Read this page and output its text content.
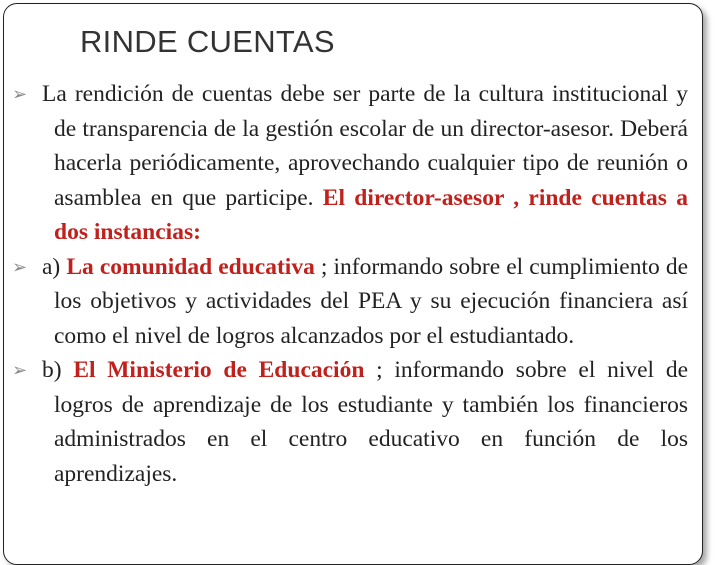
RINDE CUENTAS

➢ La rendición de cuentas debe ser parte de la cultura institucional y de transparencia de la gestión escolar de un director-asesor. Deberá hacerla periódicamente, aprovechando cualquier tipo de reunión o asamblea en que participe. El director-asesor , rinde cuentas a dos instancias:

➢ a) La comunidad educativa ; informando sobre el cumplimiento de los objetivos y actividades del PEA y su ejecución financiera así como el nivel de logros alcanzados por el estudiantado.

➢ b) El Ministerio de Educación ; informando sobre el nivel de logros de aprendizaje de los estudiante y también los financieros administrados en el centro educativo en función de los aprendizajes.
